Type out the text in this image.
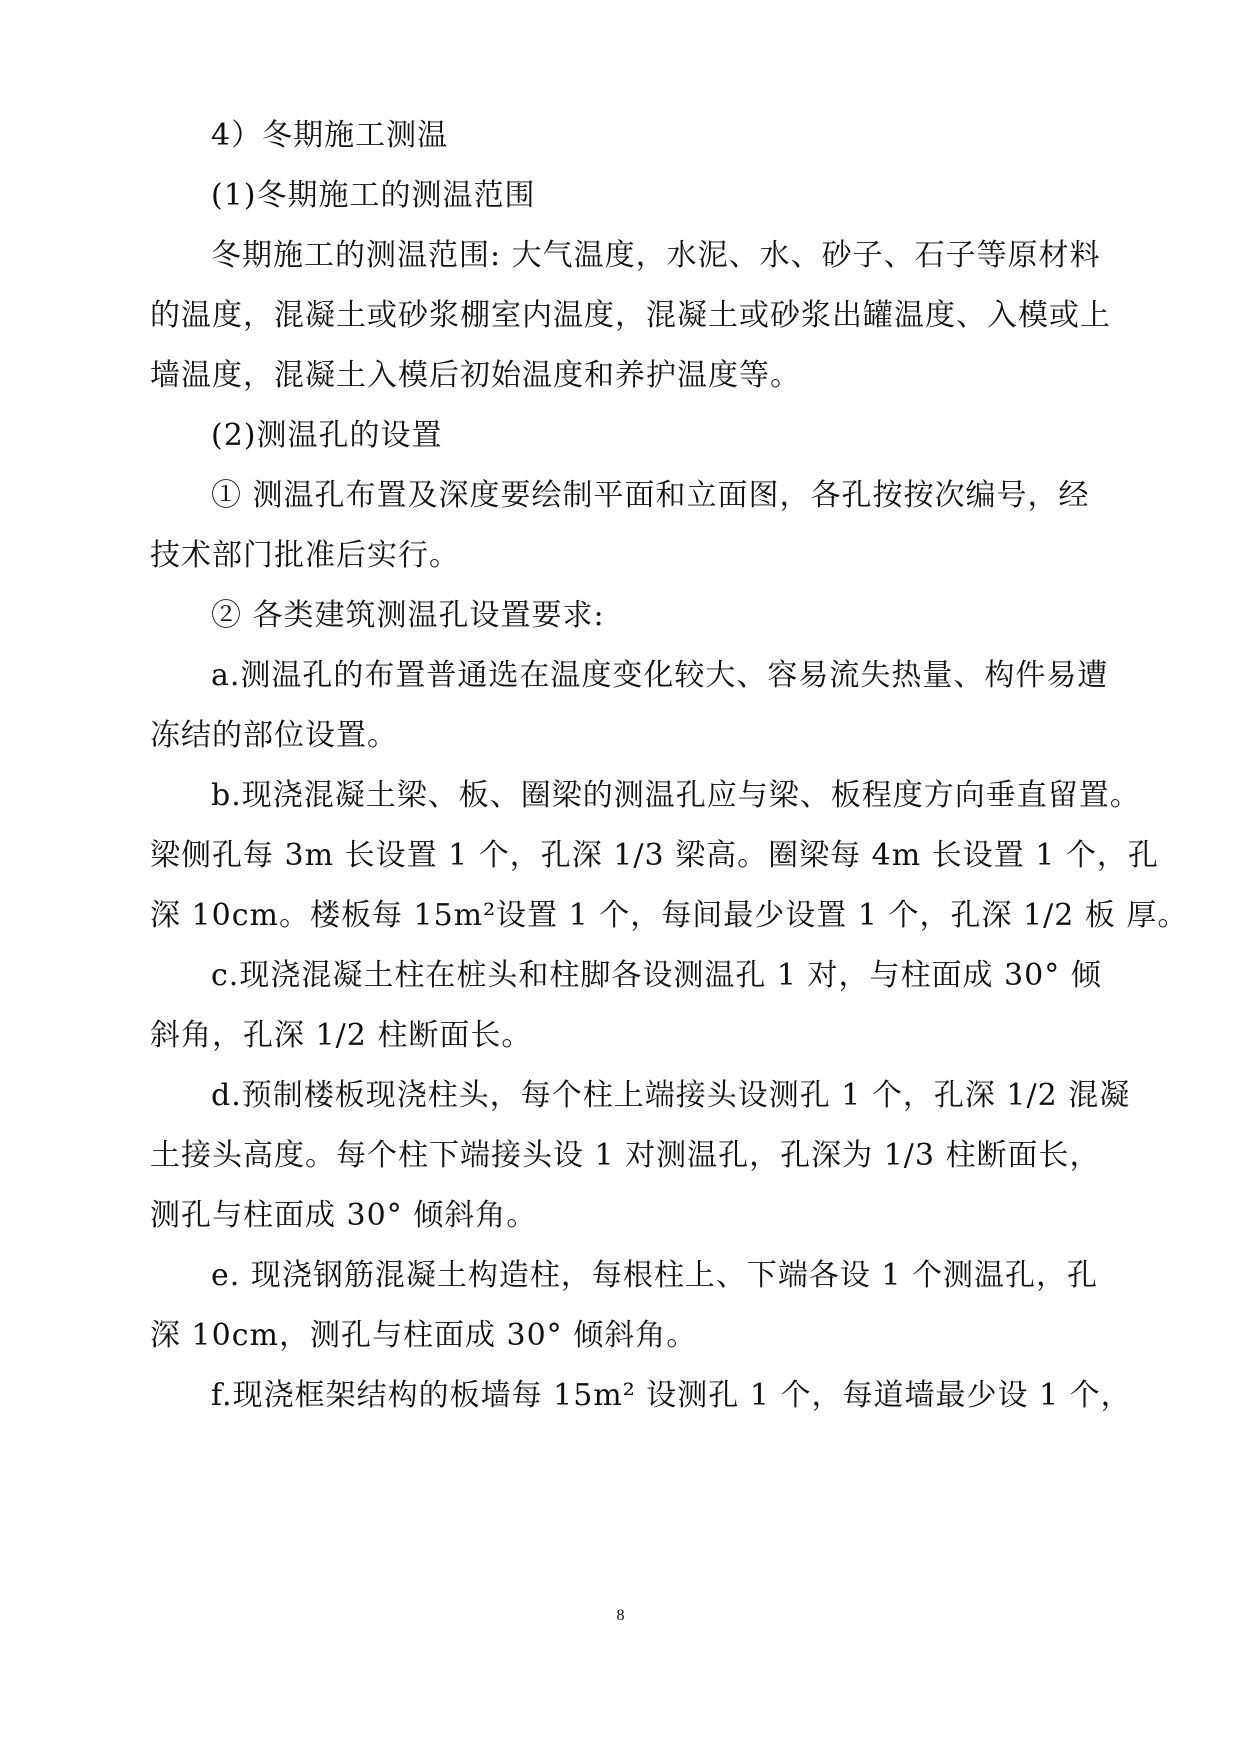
4）冬期施工测温
(1)冬期施工的测温范围
冬期施工的测温范围: 大气温度，水泥、水、砂子、石子等原材料
的温度，混凝土或砂浆棚室内温度，混凝土或砂浆出罐温度、入模或上
墙温度，混凝土入模后初始温度和养护温度等。
(2)测温孔的设置
① 测温孔布置及深度要绘制平面和立面图，各孔按按次编号，经
技术部门批准后实行。
② 各类建筑测温孔设置要求:
a.测温孔的布置普通选在温度变化较大、容易流失热量、构件易遭
冻结的部位设置。
b.现浇混凝土梁、板、圈梁的测温孔应与梁、板程度方向垂直留置。
梁侧孔每 3m 长设置 1 个，孔深 1/3 梁高。圈梁每 4m 长设置 1 个，孔
深 10cm。楼板每 15m²设置 1 个，每间最少设置 1 个，孔深 1/2 板 厚。
c.现浇混凝土柱在桩头和柱脚各设测温孔 1 对，与柱面成 30° 倾
斜角，孔深 1/2 柱断面长。
d.预制楼板现浇柱头，每个柱上端接头设测孔 1 个，孔深 1/2 混凝
土接头高度。每个柱下端接头设 1 对测温孔，孔深为 1/3 柱断面长，
测孔与柱面成 30° 倾斜角。
e. 现浇钢筋混凝土构造柱，每根柱上、下端各设 1 个测温孔，孔
深 10cm，测孔与柱面成 30° 倾斜角。
f.现浇框架结构的板墙每 15m² 设测孔 1 个，每道墙最少设 1 个，
8
